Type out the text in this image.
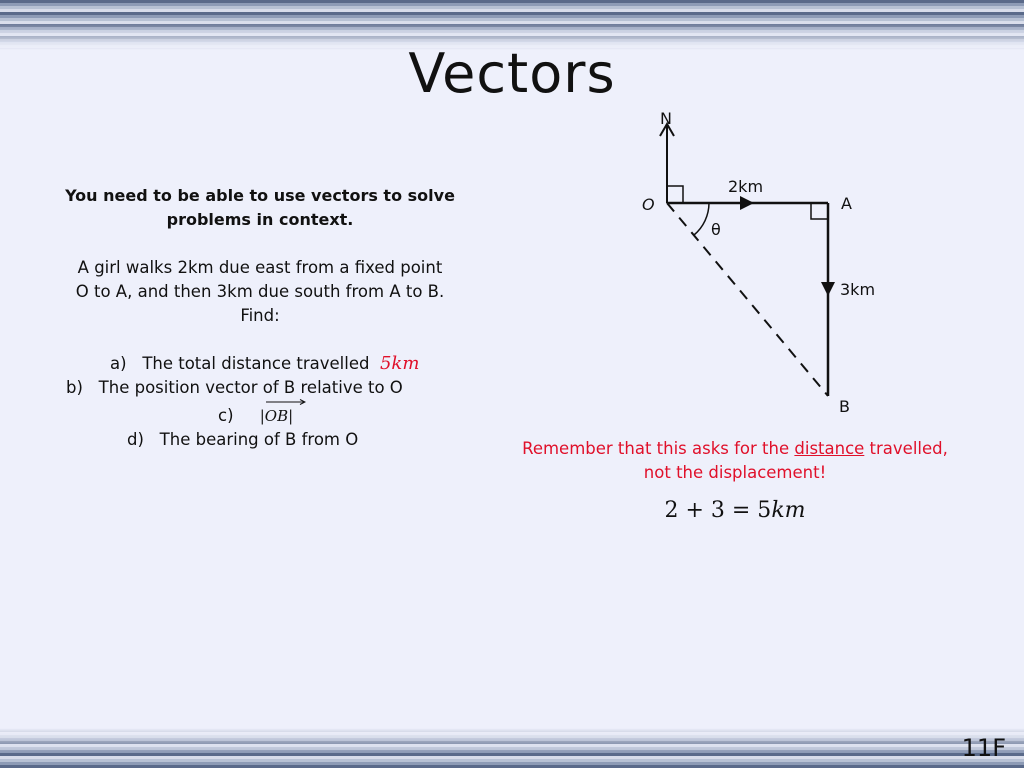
Vectors
You need to be able to use vectors to solve
problems in context.
A girl walks 2km due east from a fixed point
O to A, and then 3km due south from A to B.
Find:
a) The total distance travelled 5km
b) The position vector of B relative to O
c) |OB|
d) The bearing of B from O
N
θ
O	A
B
2km
3km
Remember that this asks for the distance travelled,
not the displacement!
2 + 3 = 5km
11F
